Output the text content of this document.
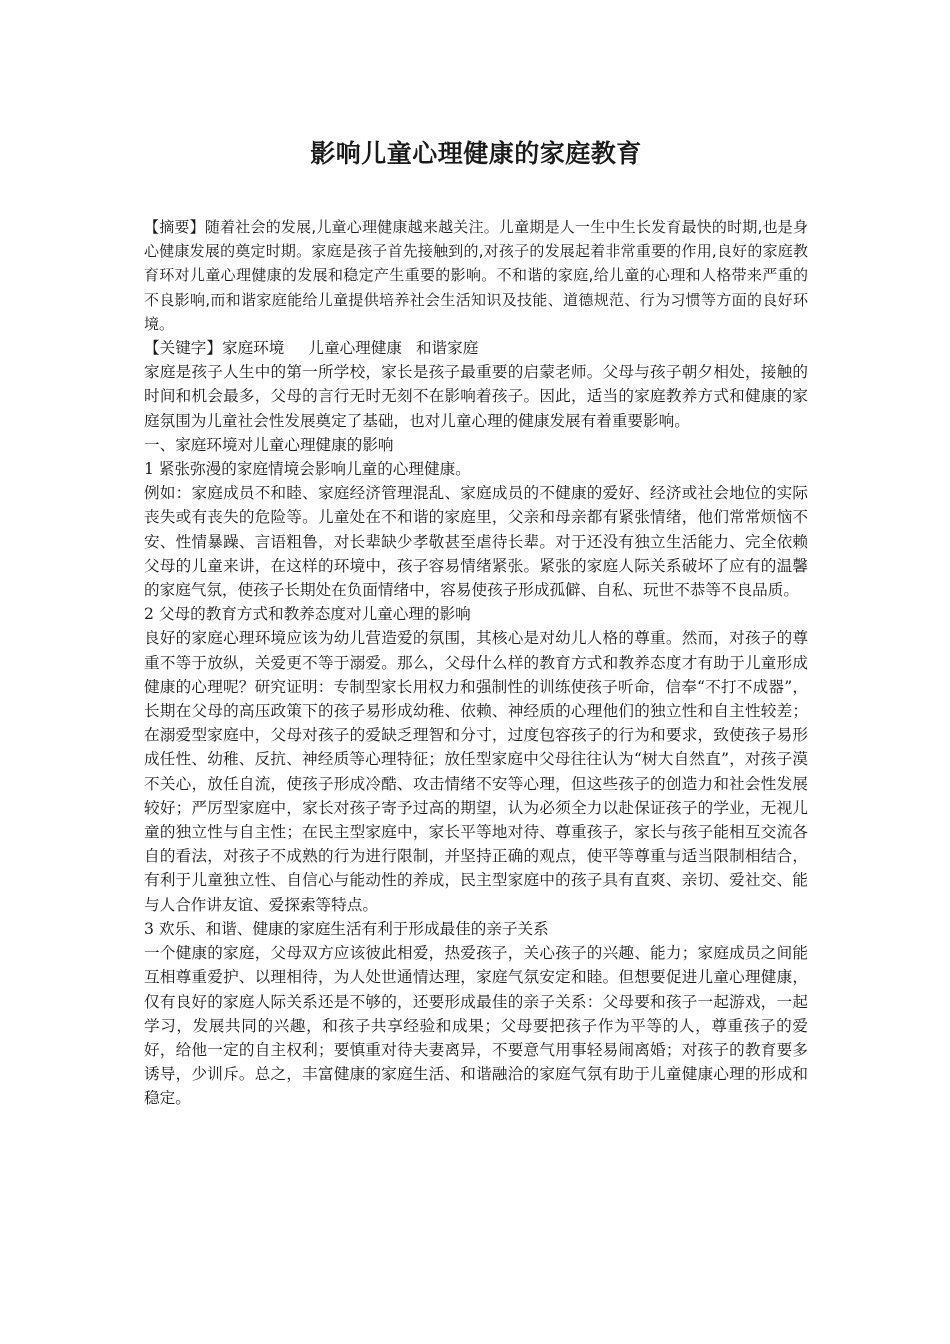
影响儿童心理健康的家庭教育

【摘要】随着社会的发展,儿童心理健康越来越关注。儿童期是人一生中生长发育最快的时期,也是身心健康发展的奠定时期。家庭是孩子首先接触到的,对孩子的发展起着非常重要的作用,良好的家庭教育环对儿童心理健康的发展和稳定产生重要的影响。不和谐的家庭,给儿童的心理和人格带来严重的不良影响,而和谐家庭能给儿童提供培养社会生活知识及技能、道德规范、行为习惯等方面的良好环境。

【关键字】家庭环境 儿童心理健康 和谐家庭

家庭是孩子人生中的第一所学校，家长是孩子最重要的启蒙老师。父母与孩子朝夕相处，接触的时间和机会最多，父母的言行无时无刻不在影响着孩子。因此，适当的家庭教养方式和健康的家庭氛围为儿童社会性发展奠定了基础，也对儿童心理的健康发展有着重要影响。

一、家庭环境对儿童心理健康的影响

1 紧张弥漫的家庭情境会影响儿童的心理健康。

例如：家庭成员不和睦、家庭经济管理混乱、家庭成员的不健康的爱好、经济或社会地位的实际丧失或有丧失的危险等。儿童处在不和谐的家庭里，父亲和母亲都有紧张情绪，他们常常烦恼不安、性情暴躁、言语粗鲁，对长辈缺少孝敬甚至虐待长辈。对于还没有独立生活能力、完全依赖父母的儿童来讲，在这样的环境中，孩子容易情绪紧张。紧张的家庭人际关系破坏了应有的温馨的家庭气氛，使孩子长期处在负面情绪中，容易使孩子形成孤僻、自私、玩世不恭等不良品质。

2 父母的教育方式和教养态度对儿童心理的影响

良好的家庭心理环境应该为幼儿营造爱的氛围，其核心是对幼儿人格的尊重。然而，对孩子的尊重不等于放纵，关爱更不等于溺爱。那么，父母什么样的教育方式和教养态度才有助于儿童形成健康的心理呢？研究证明：专制型家长用权力和强制性的训练使孩子听命，信奉“不打不成器”，长期在父母的高压政策下的孩子易形成幼稚、依赖、神经质的心理他们的独立性和自主性较差；在溺爱型家庭中，父母对孩子的爱缺乏理智和分寸，过度包容孩子的行为和要求，致使孩子易形成任性、幼稚、反抗、神经质等心理特征；放任型家庭中父母往往认为“树大自然直”，对孩子漠不关心，放任自流，使孩子形成冷酷、攻击情绪不安等心理，但这些孩子的创造力和社会性发展较好；严厉型家庭中，家长对孩子寄予过高的期望，认为必须全力以赴保证孩子的学业，无视儿童的独立性与自主性；在民主型家庭中，家长平等地对待、尊重孩子，家长与孩子能相互交流各自的看法，对孩子不成熟的行为进行限制，并坚持正确的观点，使平等尊重与适当限制相结合，有利于儿童独立性、自信心与能动性的养成，民主型家庭中的孩子具有直爽、亲切、爱社交、能与人合作讲友谊、爱探索等特点。

3 欢乐、和谐、健康的家庭生活有利于形成最佳的亲子关系

一个健康的家庭，父母双方应该彼此相爱，热爱孩子，关心孩子的兴趣、能力；家庭成员之间能互相尊重爱护、以理相待，为人处世通情达理，家庭气氛安定和睦。但想要促进儿童心理健康，仅有良好的家庭人际关系还是不够的，还要形成最佳的亲子关系：父母要和孩子一起游戏，一起学习，发展共同的兴趣，和孩子共享经验和成果；父母要把孩子作为平等的人，尊重孩子的爱好，给他一定的自主权利；要慎重对待夫妻离异，不要意气用事轻易闹离婚；对孩子的教育要多诱导，少训斥。总之，丰富健康的家庭生活、和谐融洽的家庭气氛有助于儿童健康心理的形成和稳定。
